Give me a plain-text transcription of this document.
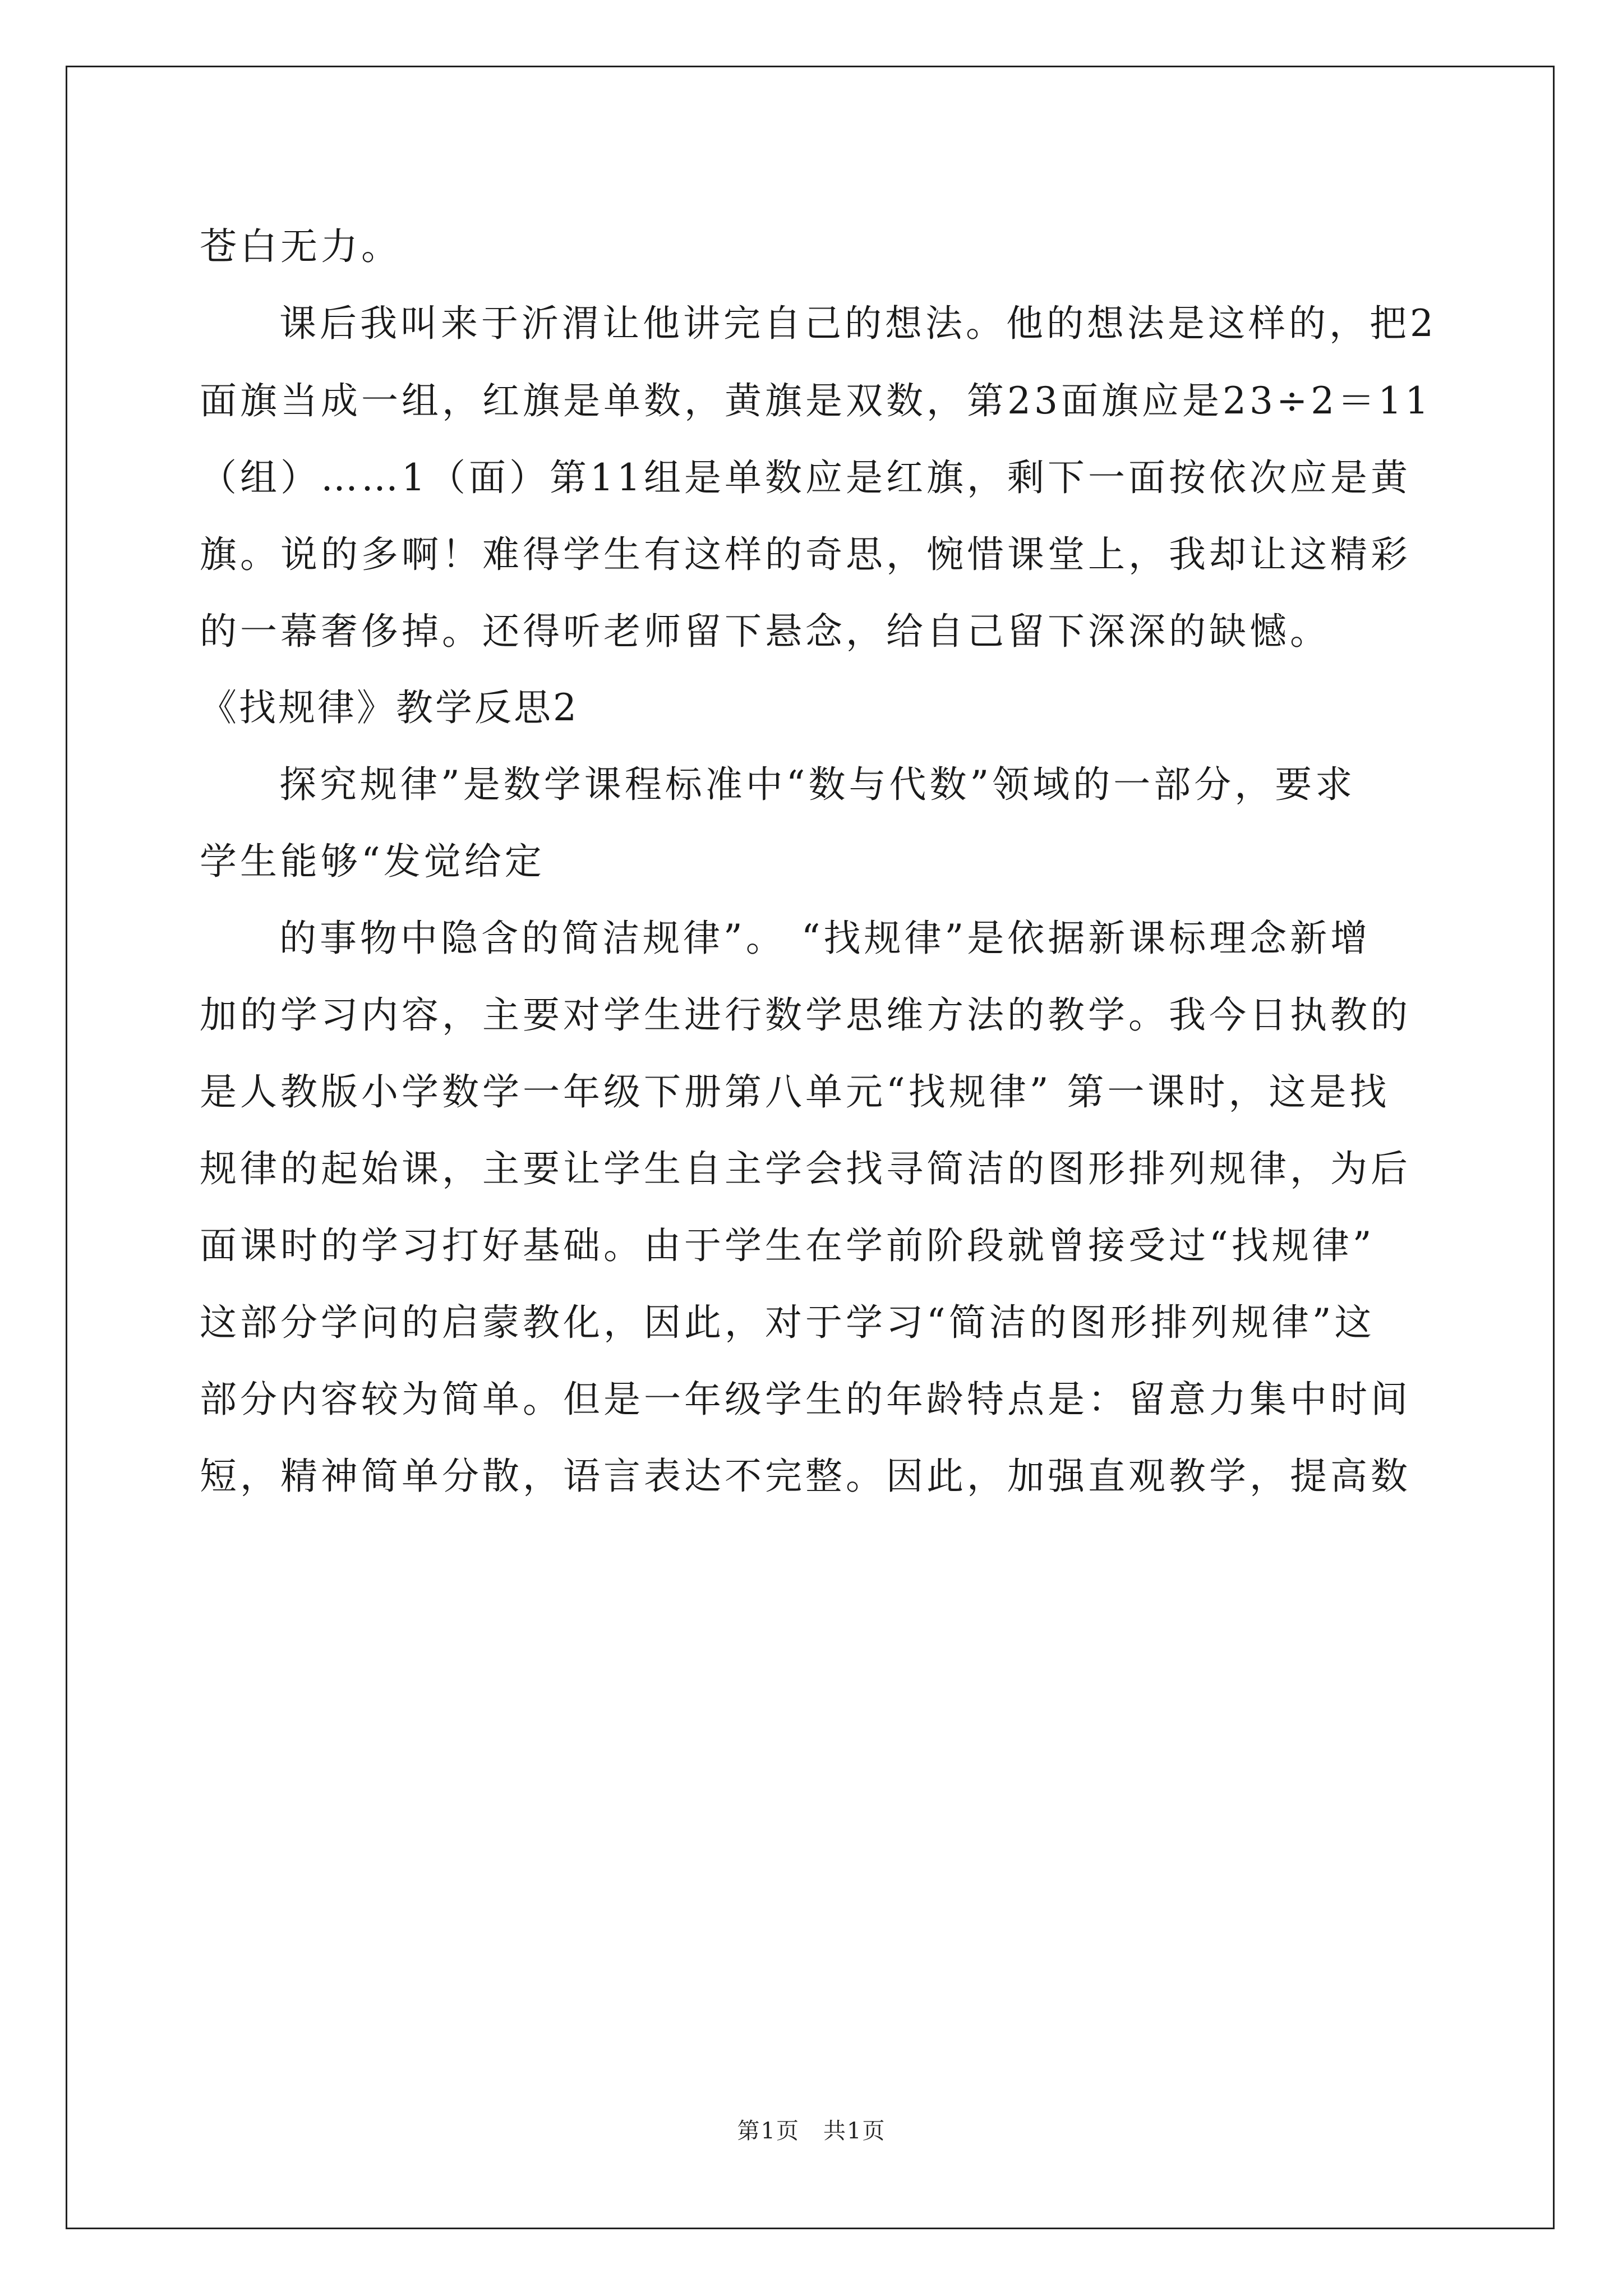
苍白无力。
课后我叫来于沂渭让他讲完自己的想法。他的想法是这样的，把2
面旗当成一组，红旗是单数，黄旗是双数，第23面旗应是23÷2＝11
（组）……1（面）第11组是单数应是红旗，剩下一面按依次应是黄
旗。说的多啊！难得学生有这样的奇思，惋惜课堂上，我却让这精彩
的一幕奢侈掉。还得听老师留下悬念，给自己留下深深的缺憾。
《找规律》教学反思2
探究规律”是数学课程标准中“数与代数”领域的一部分，要求
学生能够“发觉给定
的事物中隐含的简洁规律”。 “找规律”是依据新课标理念新增
加的学习内容，主要对学生进行数学思维方法的教学。我今日执教的
是人教版小学数学一年级下册第八单元“找规律” 第一课时，这是找
规律的起始课，主要让学生自主学会找寻简洁的图形排列规律，为后
面课时的学习打好基础。由于学生在学前阶段就曾接受过“找规律”
这部分学问的启蒙教化，因此，对于学习“简洁的图形排列规律”这
部分内容较为简单。但是一年级学生的年龄特点是：留意力集中时间
短，精神简单分散，语言表达不完整。因此，加强直观教学，提高数
第1页　共1页
